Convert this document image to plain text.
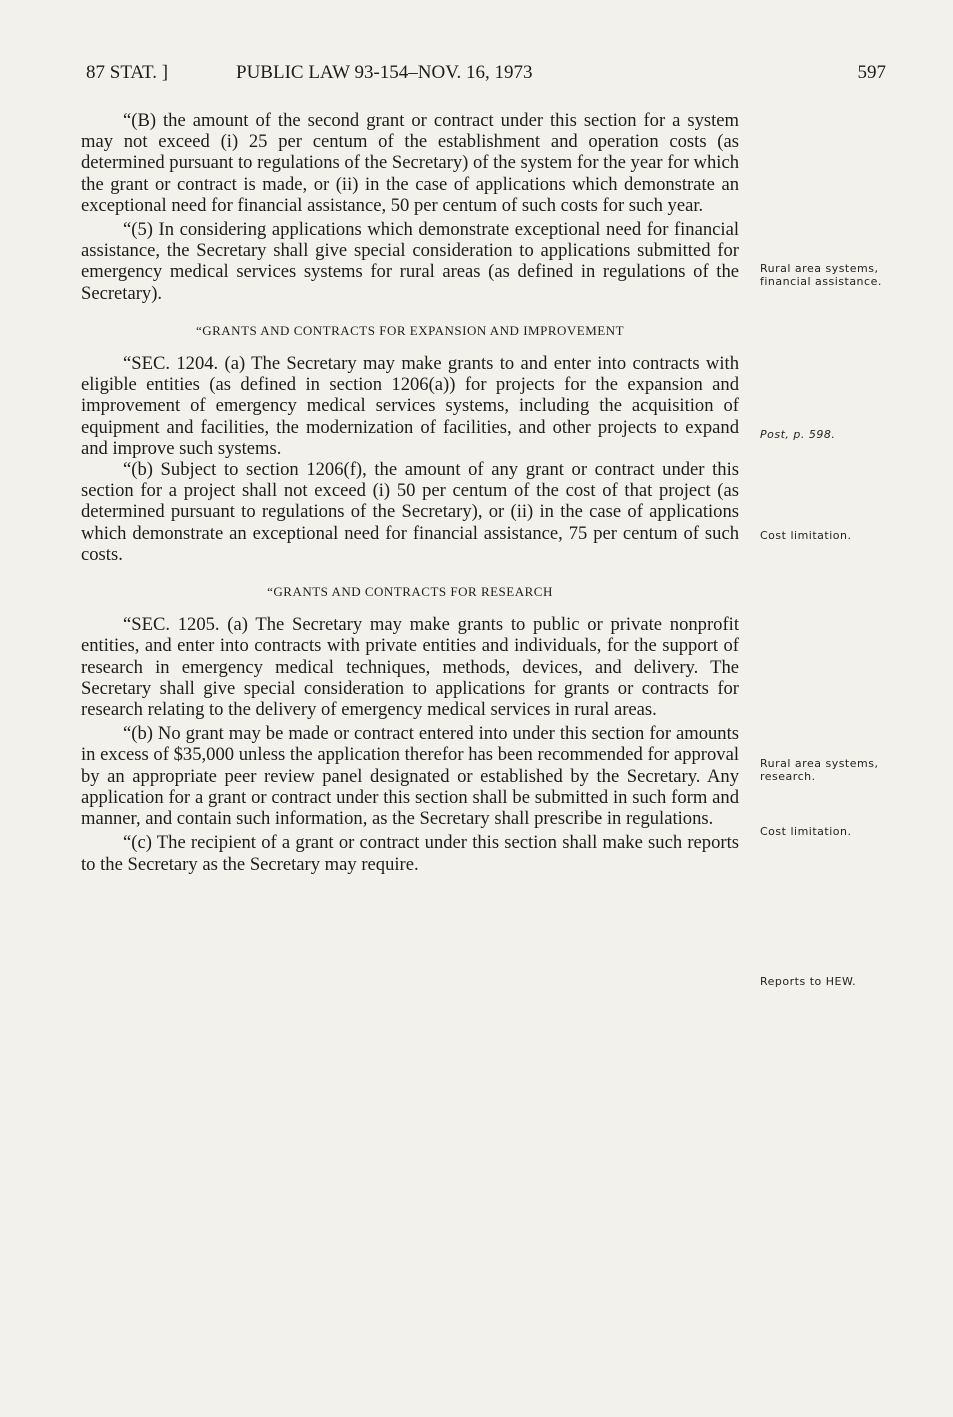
87 STAT. ]	PUBLIC LAW 93-154–NOV. 16, 1973	597

“(B) the amount of the second grant or contract under this section for a system may not exceed (i) 25 per centum of the establishment and operation costs (as determined pursuant to regulations of the Secretary) of the system for the year for which the grant or contract is made, or (ii) in the case of applications which demonstrate an exceptional need for financial assistance, 50 per centum of such costs for such year.

“(5) In considering applications which demonstrate exceptional need for financial assistance, the Secretary shall give special consideration to applications submitted for emergency medical services systems for rural areas (as defined in regulations of the Secretary).

“GRANTS AND CONTRACTS FOR EXPANSION AND IMPROVEMENT

“SEC. 1204. (a) The Secretary may make grants to and enter into contracts with eligible entities (as defined in section 1206(a)) for projects for the expansion and improvement of emergency medical services systems, including the acquisition of equipment and facilities, the modernization of facilities, and other projects to expand and improve such systems.

“(b) Subject to section 1206(f), the amount of any grant or contract under this section for a project shall not exceed (i) 50 per centum of the cost of that project (as determined pursuant to regulations of the Secretary), or (ii) in the case of applications which demonstrate an exceptional need for financial assistance, 75 per centum of such costs.

“GRANTS AND CONTRACTS FOR RESEARCH

“SEC. 1205. (a) The Secretary may make grants to public or private nonprofit entities, and enter into contracts with private entities and individuals, for the support of research in emergency medical techniques, methods, devices, and delivery. The Secretary shall give special consideration to applications for grants or contracts for research relating to the delivery of emergency medical services in rural areas.

“(b) No grant may be made or contract entered into under this section for amounts in excess of $35,000 unless the application therefor has been recommended for approval by an appropriate peer review panel designated or established by the Secretary. Any application for a grant or contract under this section shall be submitted in such form and manner, and contain such information, as the Secretary shall prescribe in regulations.

“(c) The recipient of a grant or contract under this section shall make such reports to the Secretary as the Secretary may require.

Rural area systems, financial assistance.
Post, p. 598.
Cost limitation.
Rural area systems, research.
Cost limitation.
Reports to HEW.
